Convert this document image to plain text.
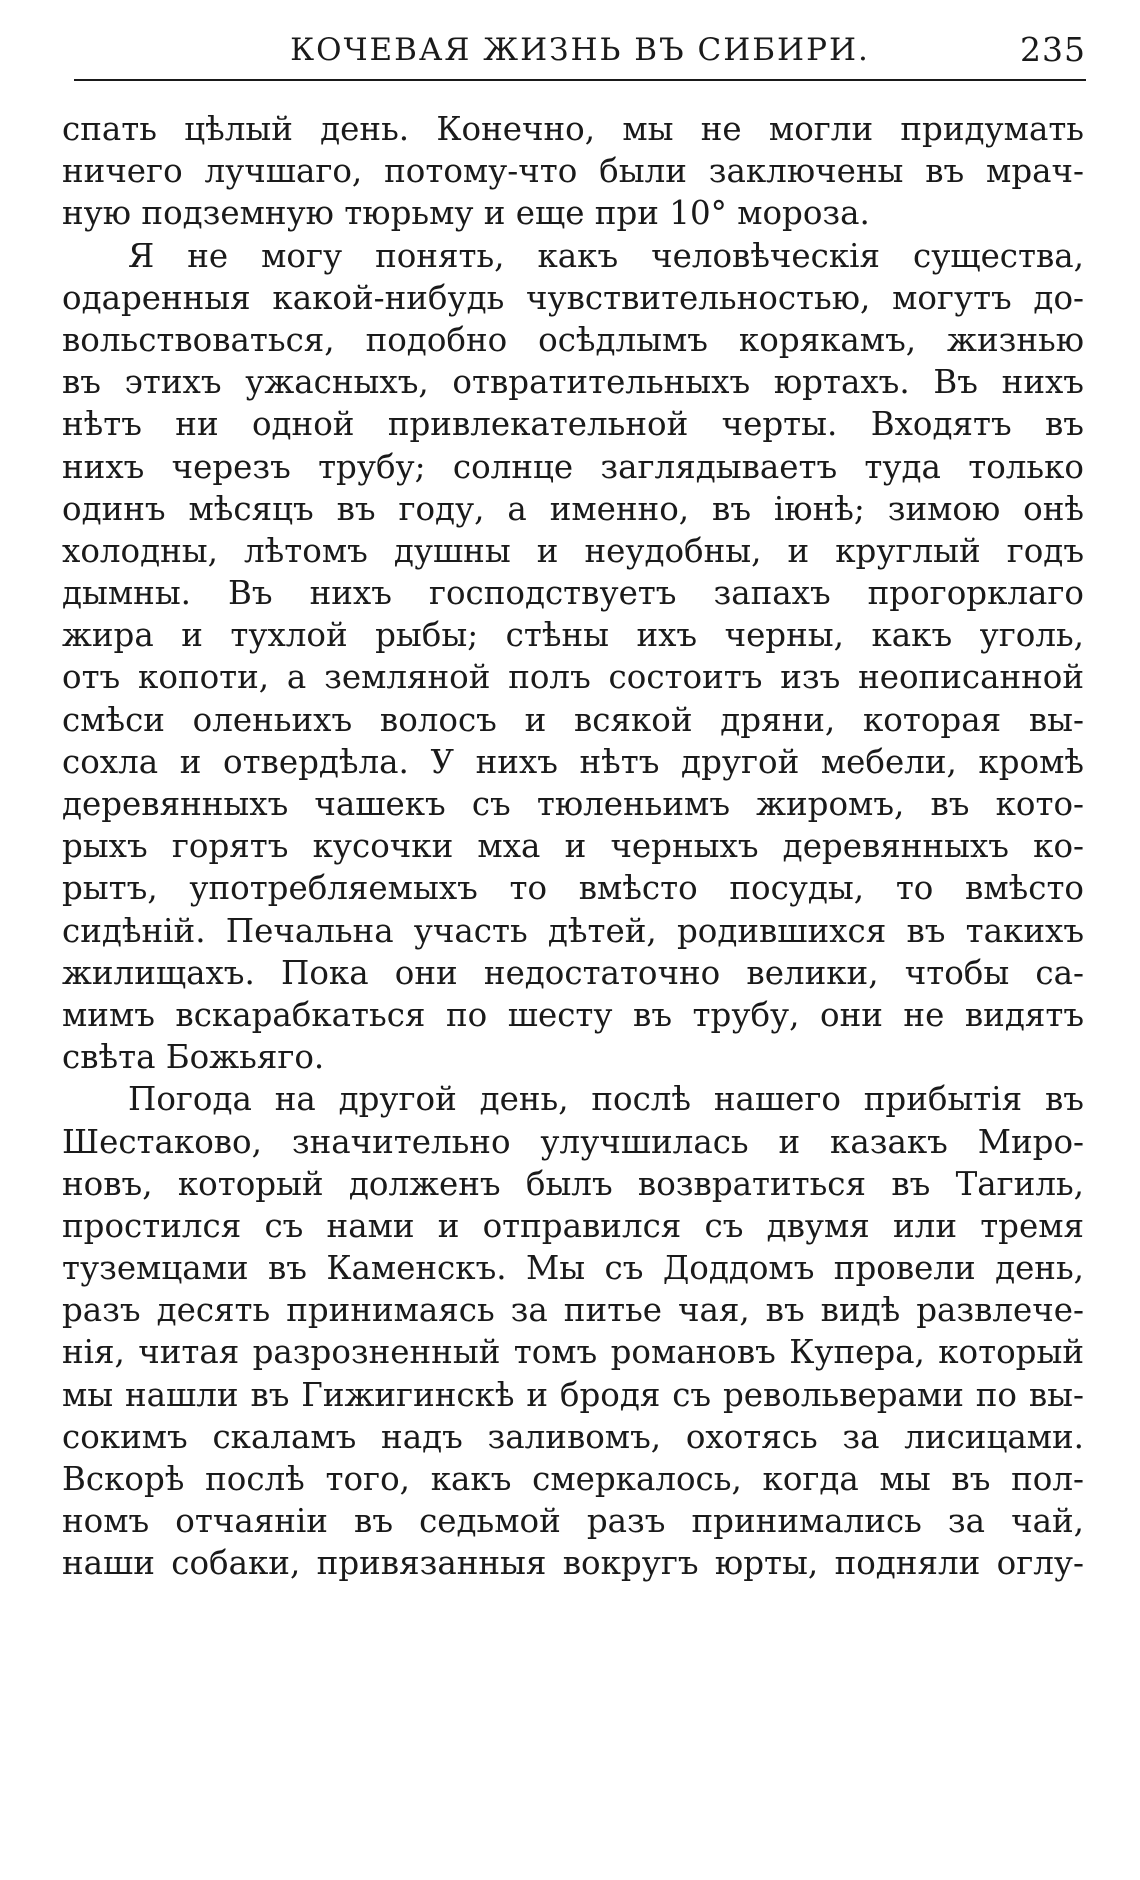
КОЧЕВАЯ ЖИЗНЬ ВЪ СИБИРИ.	235
спать цѣлый день. Конечно, мы не могли придумать
ничего лучшаго, потому-что были заключены въ мрач-
ную подземную тюрьму и еще при 10° мороза.
Я не могу понять, какъ человѣческія существа,
одаренныя какой-нибудь чувствительностью, могутъ до-
вольствоваться, подобно осѣдлымъ корякамъ, жизнью
въ этихъ ужасныхъ, отвратительныхъ юртахъ. Въ нихъ
нѣтъ ни одной привлекательной черты. Входятъ въ
нихъ черезъ трубу; солнце заглядываетъ туда только
одинъ мѣсяцъ въ году, а именно, въ іюнѣ; зимою онѣ
холодны, лѣтомъ душны и неудобны, и круглый годъ
дымны. Въ нихъ господствуетъ запахъ прогорклаго
жира и тухлой рыбы; стѣны ихъ черны, какъ уголь,
отъ копоти, а земляной полъ состоитъ изъ неописанной
смѣси оленьихъ волосъ и всякой дряни, которая вы-
сохла и отвердѣла. У нихъ нѣтъ другой мебели, кромѣ
деревянныхъ чашекъ съ тюленьимъ жиромъ, въ кото-
рыхъ горятъ кусочки мха и черныхъ деревянныхъ ко-
рытъ, употребляемыхъ то вмѣсто посуды, то вмѣсто
сидѣній. Печальна участь дѣтей, родившихся въ такихъ
жилищахъ. Пока они недостаточно велики, чтобы са-
мимъ вскарабкаться по шесту въ трубу, они не видятъ
свѣта Божьяго.
Погода на другой день, послѣ нашего прибытія въ
Шестаково, значительно улучшилась и казакъ Миро-
новъ, который долженъ былъ возвратиться въ Тагиль,
простился съ нами и отправился съ двумя или тремя
туземцами въ Каменскъ. Мы съ Доддомъ провели день,
разъ десять принимаясь за питье чая, въ видѣ развлече-
нія, читая разрозненный томъ романовъ Купера, который
мы нашли въ Гижигинскѣ и бродя съ револьверами по вы-
сокимъ скаламъ надъ заливомъ, охотясь за лисицами.
Вскорѣ послѣ того, какъ смеркалось, когда мы въ пол-
номъ отчаяніи въ седьмой разъ принимались за чай,
наши собаки, привязанныя вокругъ юрты, подняли оглу-
